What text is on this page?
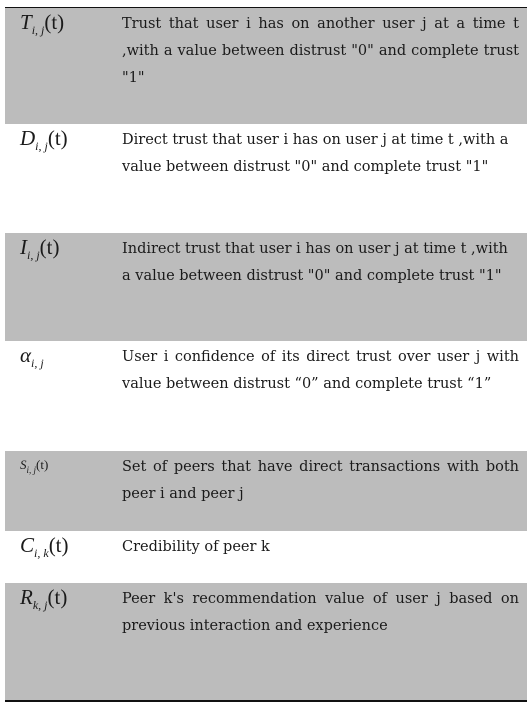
$T_{i, j}(t)$	Trust that user i has on another user j at a time t ,with a value between distrust "0" and complete trust "1"
$D_{i, j}(t)$	Direct trust that user i has on user j at time t ,with a value between distrust "0" and complete trust "1"
$I_{i, j}(t)$	Indirect trust that user i has on user j at time t ,with a value between distrust "0" and complete trust "1"
$\alpha_{i, j}$	User i confidence of its direct trust over user j with value between distrust “0” and complete trust “1”
$S_{i, j}(t)$	Set of peers that have direct transactions with both peer i and peer j
$C_{i, k}(t)$	Credibility of peer k
$R_{k, j}(t)$	Peer k's recommendation value of user j based on previous interaction and experience
